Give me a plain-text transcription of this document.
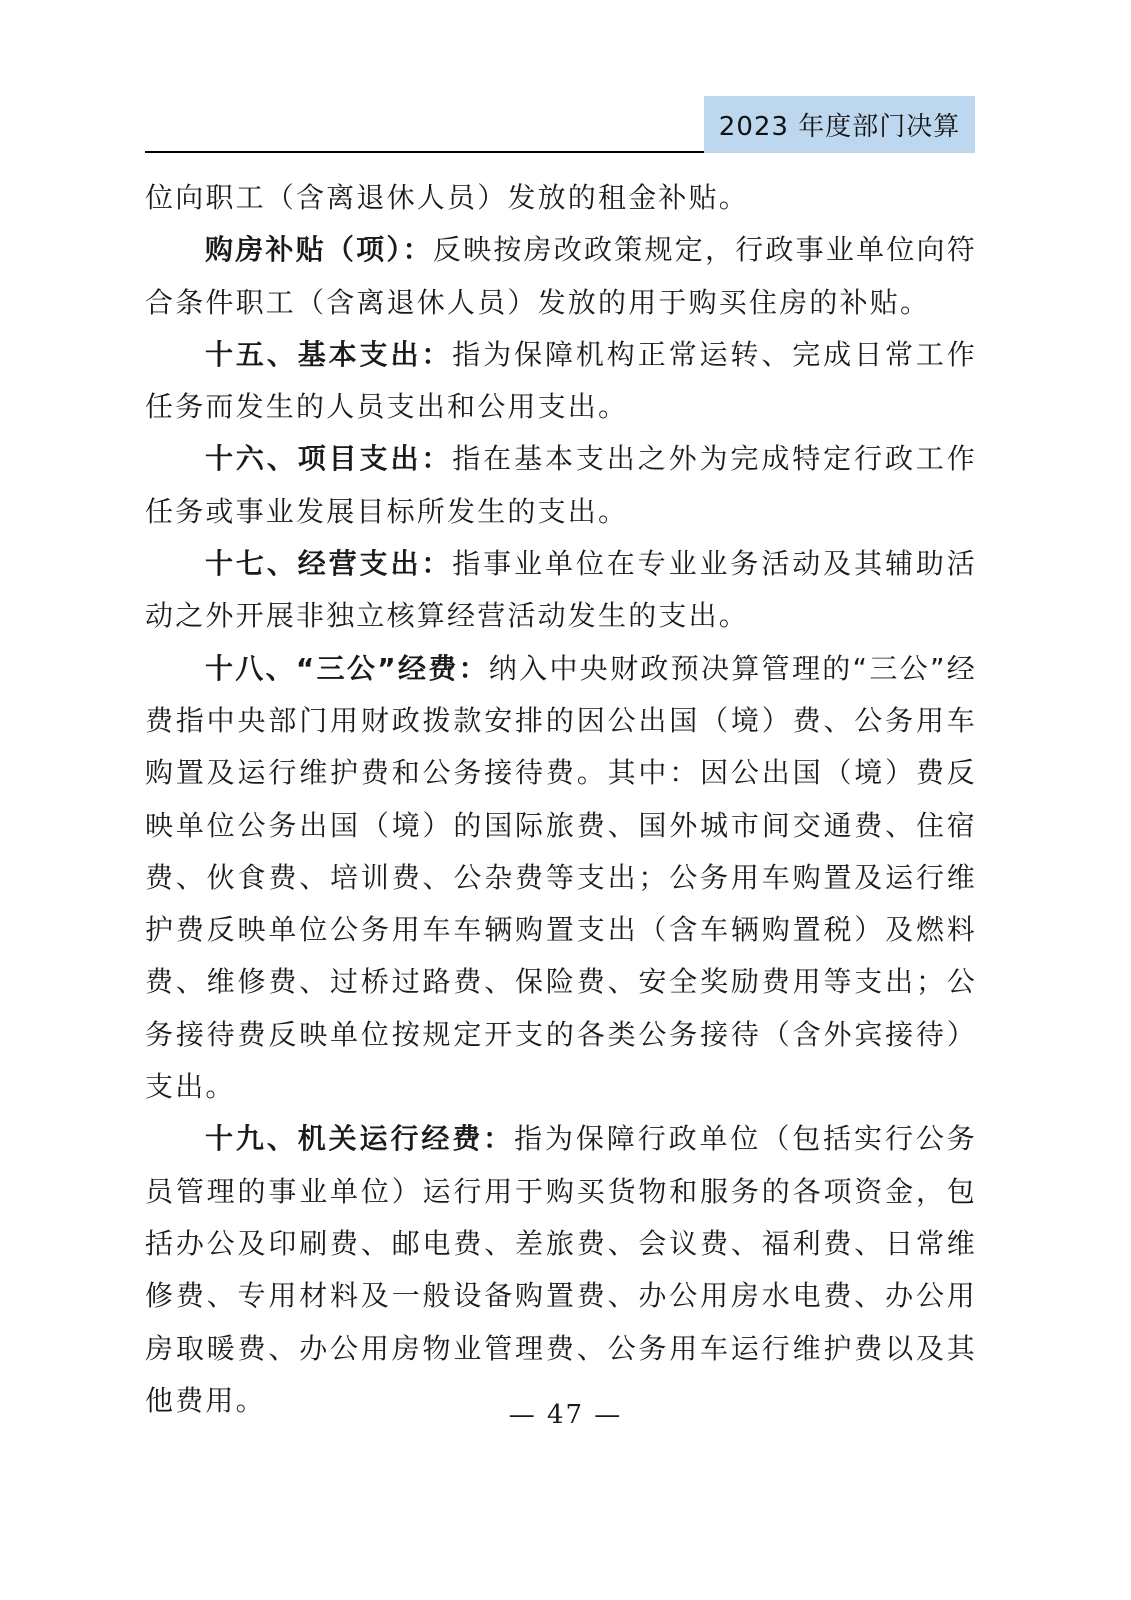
2023 年度部门决算

位向职工（含离退休人员）发放的租金补贴。

购房补贴（项）：反映按房改政策规定，行政事业单位向符合条件职工（含离退休人员）发放的用于购买住房的补贴。

十五、基本支出：指为保障机构正常运转、完成日常工作任务而发生的人员支出和公用支出。

十六、项目支出：指在基本支出之外为完成特定行政工作任务或事业发展目标所发生的支出。

十七、经营支出：指事业单位在专业业务活动及其辅助活动之外开展非独立核算经营活动发生的支出。

十八、“三公”经费：纳入中央财政预决算管理的“三公”经费指中央部门用财政拨款安排的因公出国（境）费、公务用车购置及运行维护费和公务接待费。其中：因公出国（境）费反映单位公务出国（境）的国际旅费、国外城市间交通费、住宿费、伙食费、培训费、公杂费等支出；公务用车购置及运行维护费反映单位公务用车车辆购置支出（含车辆购置税）及燃料费、维修费、过桥过路费、保险费、安全奖励费用等支出；公务接待费反映单位按规定开支的各类公务接待（含外宾接待）支出。

十九、机关运行经费：指为保障行政单位（包括实行公务员管理的事业单位）运行用于购买货物和服务的各项资金，包括办公及印刷费、邮电费、差旅费、会议费、福利费、日常维修费、专用材料及一般设备购置费、办公用房水电费、办公用房取暖费、办公用房物业管理费、公务用车运行维护费以及其他费用。	— 47 —
